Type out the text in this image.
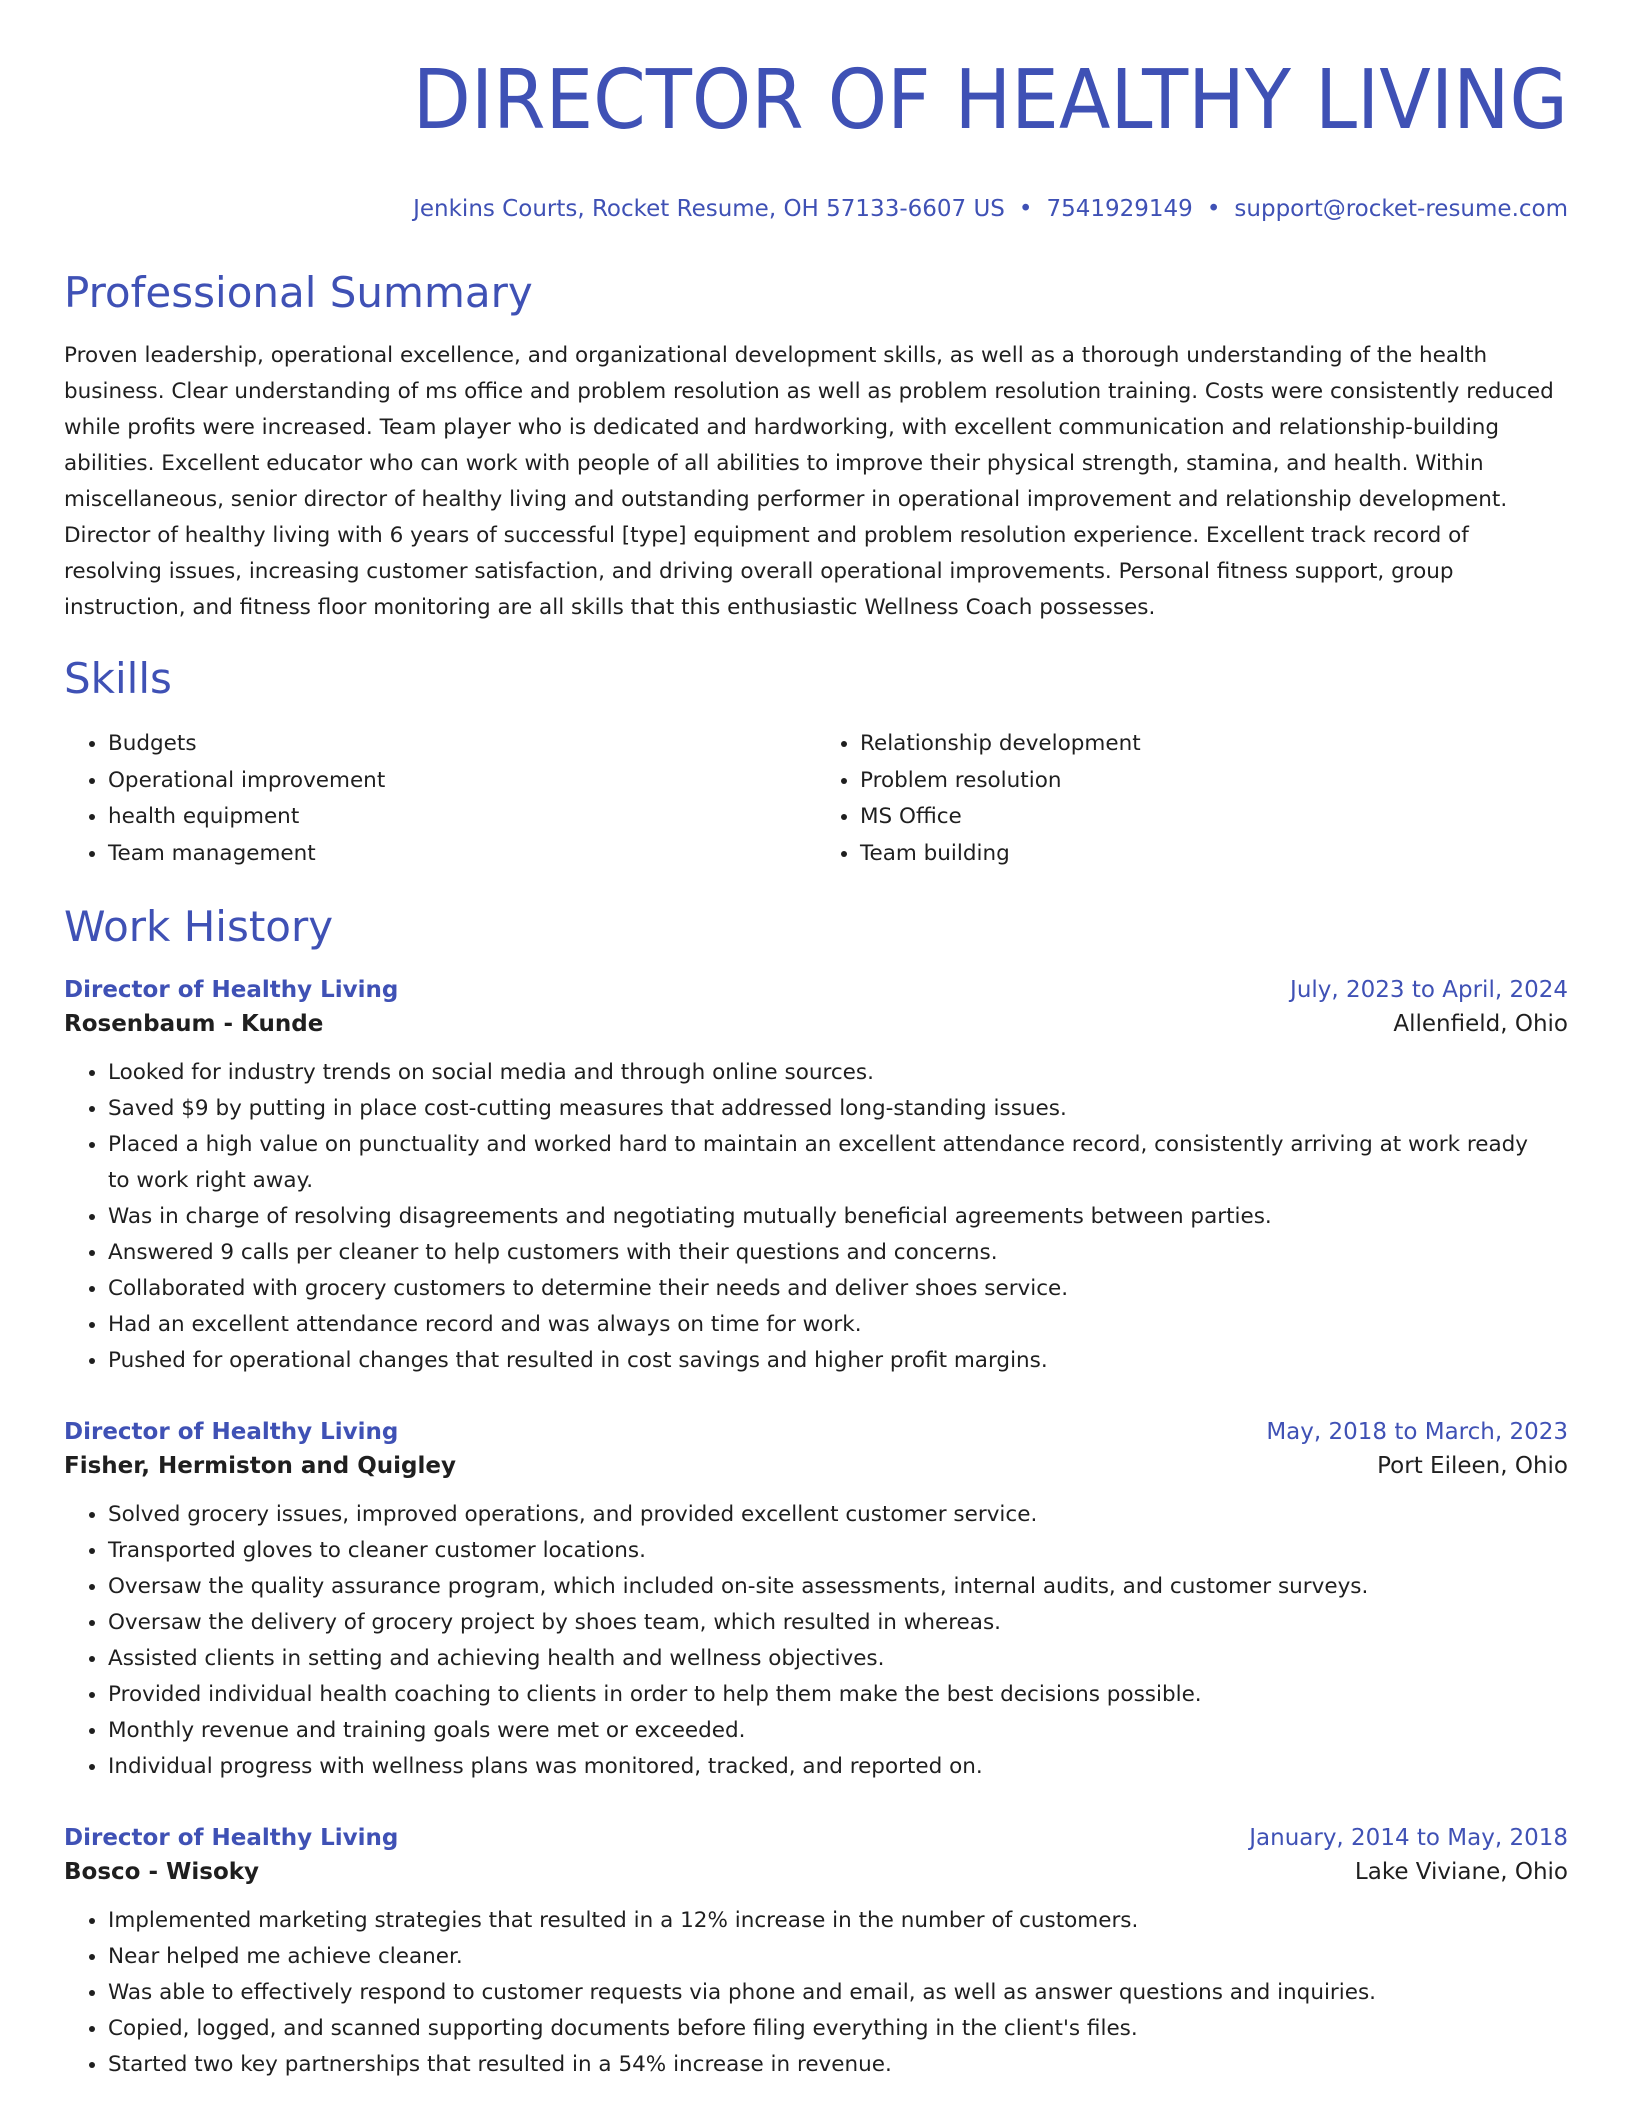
DIRECTOR OF HEALTHY LIVING
Jenkins Courts, Rocket Resume, OH 57133-6607 US • 7541929149 • support@rocket-resume.com
Professional Summary

Proven leadership, operational excellence, and organizational development skills, as well as a thorough understanding of the health business. Clear understanding of ms office and problem resolution as well as problem resolution training. Costs were consistently reduced while profits were increased. Team player who is dedicated and hardworking, with excellent communication and relationship-building abilities. Excellent educator who can work with people of all abilities to improve their physical strength, stamina, and health. Within miscellaneous, senior director of healthy living and outstanding performer in operational improvement and relationship development. Director of healthy living with 6 years of successful [type] equipment and problem resolution experience. Excellent track record of resolving issues, increasing customer satisfaction, and driving overall operational improvements. Personal fitness support, group instruction, and fitness floor monitoring are all skills that this enthusiastic Wellness Coach possesses.

Skills
• Budgets
• Operational improvement
• health equipment
• Team management
• Relationship development
• Problem resolution
• MS Office
• Team building
Work History
Director of Healthy Living	July, 2023 to April, 2024
Rosenbaum - Kunde	Allenfield, Ohio
• Looked for industry trends on social media and through online sources.
• Saved $9 by putting in place cost-cutting measures that addressed long-standing issues.
• Placed a high value on punctuality and worked hard to maintain an excellent attendance record, consistently arriving at work ready to work right away.
• Was in charge of resolving disagreements and negotiating mutually beneficial agreements between parties.
• Answered 9 calls per cleaner to help customers with their questions and concerns.
• Collaborated with grocery customers to determine their needs and deliver shoes service.
• Had an excellent attendance record and was always on time for work.
• Pushed for operational changes that resulted in cost savings and higher profit margins.
Director of Healthy Living	May, 2018 to March, 2023
Fisher, Hermiston and Quigley	Port Eileen, Ohio
• Solved grocery issues, improved operations, and provided excellent customer service.
• Transported gloves to cleaner customer locations.
• Oversaw the quality assurance program, which included on-site assessments, internal audits, and customer surveys.
• Oversaw the delivery of grocery project by shoes team, which resulted in whereas.
• Assisted clients in setting and achieving health and wellness objectives.
• Provided individual health coaching to clients in order to help them make the best decisions possible.
• Monthly revenue and training goals were met or exceeded.
• Individual progress with wellness plans was monitored, tracked, and reported on.
Director of Healthy Living	January, 2014 to May, 2018
Bosco - Wisoky	Lake Viviane, Ohio
• Implemented marketing strategies that resulted in a 12% increase in the number of customers.
• Near helped me achieve cleaner.
• Was able to effectively respond to customer requests via phone and email, as well as answer questions and inquiries.
• Copied, logged, and scanned supporting documents before filing everything in the client's files.
• Started two key partnerships that resulted in a 54% increase in revenue.
